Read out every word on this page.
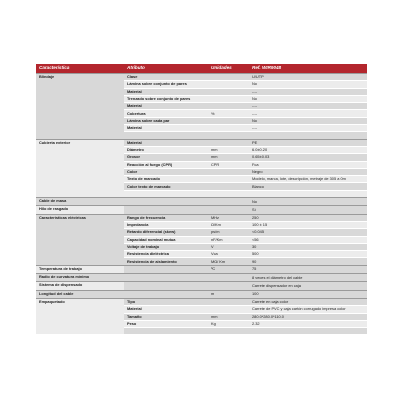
Característica	Atributo	Unidades	Ref. WIR9048
Blindaje	Clase		U/UTP
	Lámina sobre conjunto de pares		No
	Material		----
	Trenzado sobre conjunto de pares		No
	Material		----
	Cobertura	%	----
	Lámina sobre cada par		No
	Material		----

Cubierta exterior	Material		PE
	Diámetro	mm	6.0±0.20
	Grosor	mm	0.65±0.03
	Reacción al fuego (CPR)	CPR	Fca
	Color		Negro
	Texto de marcado		Modelo, marca, lote, descripción, metraje de 305 a 0m
	Color texto de marcado		Blanco

Cable de masa			No
Hilo de rasgado			Sí
Características eléctricas	Rango de frecuencia	MHz	250
	Impedancia	Ω/Km	100 ± 15
	Retardo diferencial (skew)	ps/m	<0.045
	Capacidad nominal mutua	nF/Km	<56
	Voltaje de trabajo	V	30
	Resistencia dieléctrica	Vca	500
	Resistencia de aislamiento	MΩ/ Km	90
Temperatura de trabajo		ºC	75
Radio de curvatura mínimo			8 veces el diámetro del cable
Sistema de dispensado			Carrete dispensador en caja
Longitud del cable		m	100
Empaquetado	Tipo		Carrete en caja color
	Material		Carrete de PVC y caja cartón corrugado impresa color
	Tamaño	mm	280.0*280.0*110.0
	Peso	Kg	2.32
